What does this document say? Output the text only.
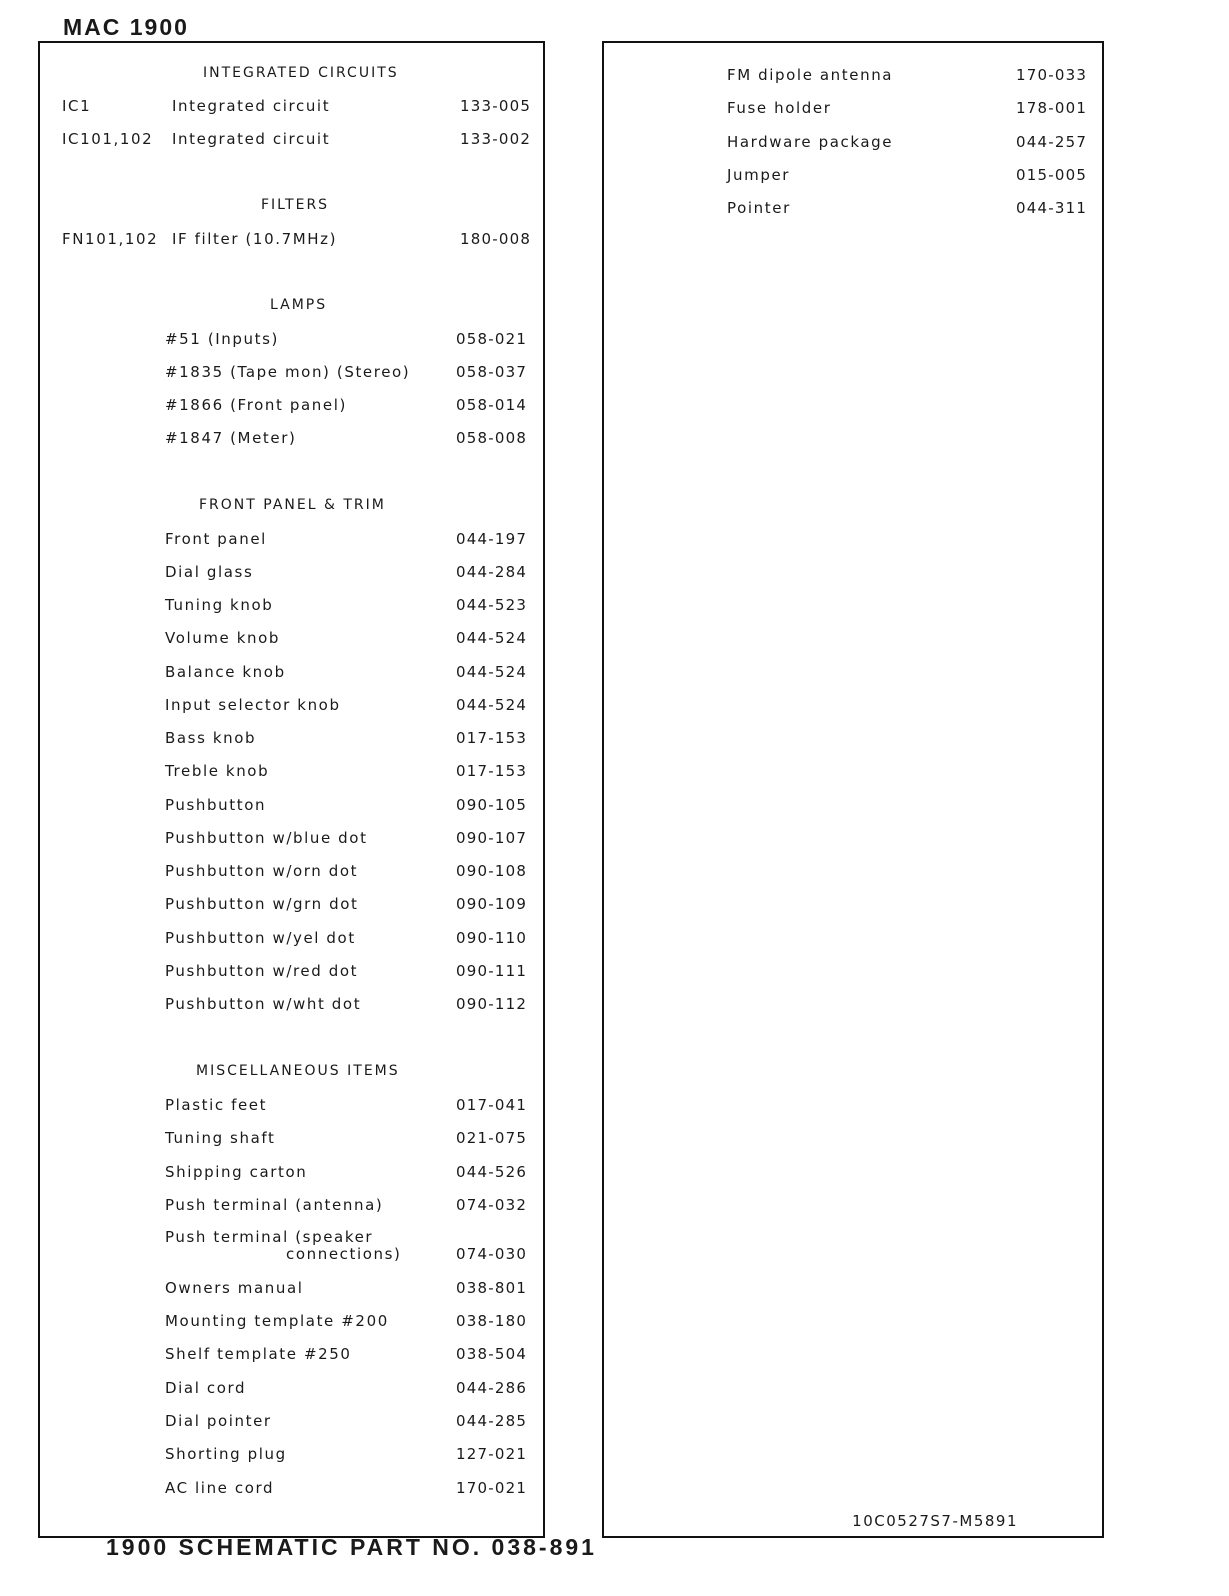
MAC 1900
INTEGRATED CIRCUITS
IC1	Integrated circuit	133-005
IC101,102 Integrated circuit	133-002
FILTERS
FN101,102 IF filter (10.7MHz)	180-008
LAMPS
#51 (Inputs)	058-021
#1835 (Tape mon) (Stereo)	058-037
#1866 (Front panel)	058-014
#1847 (Meter)	058-008
FRONT PANEL & TRIM
Front panel	044-197
Dial glass	044-284
Tuning knob	044-523
Volume knob	044-524
Balance knob	044-524
Input selector knob	044-524
Bass knob	017-153
Treble knob	017-153
Pushbutton	090-105
Pushbutton w/blue dot	090-107
Pushbutton w/orn dot	090-108
Pushbutton w/grn dot	090-109
Pushbutton w/yel dot	090-110
Pushbutton w/red dot	090-111
Pushbutton w/wht dot	090-112
MISCELLANEOUS ITEMS
Plastic feet	017-041
Tuning shaft	021-075
Shipping carton	044-526
Push terminal (antenna)	074-032
Push terminal (speaker
connections)	074-030
Owners manual	038-801
Mounting template #200	038-180
Shelf template #250	038-504
Dial cord	044-286
Dial pointer	044-285
Shorting plug	127-021
AC line cord	170-021
FM dipole antenna	170-033
Fuse holder	178-001
Hardware package	044-257
Jumper	015-005
Pointer	044-311
10C0527S7-M5891
1900 SCHEMATIC PART NO. 038-891
